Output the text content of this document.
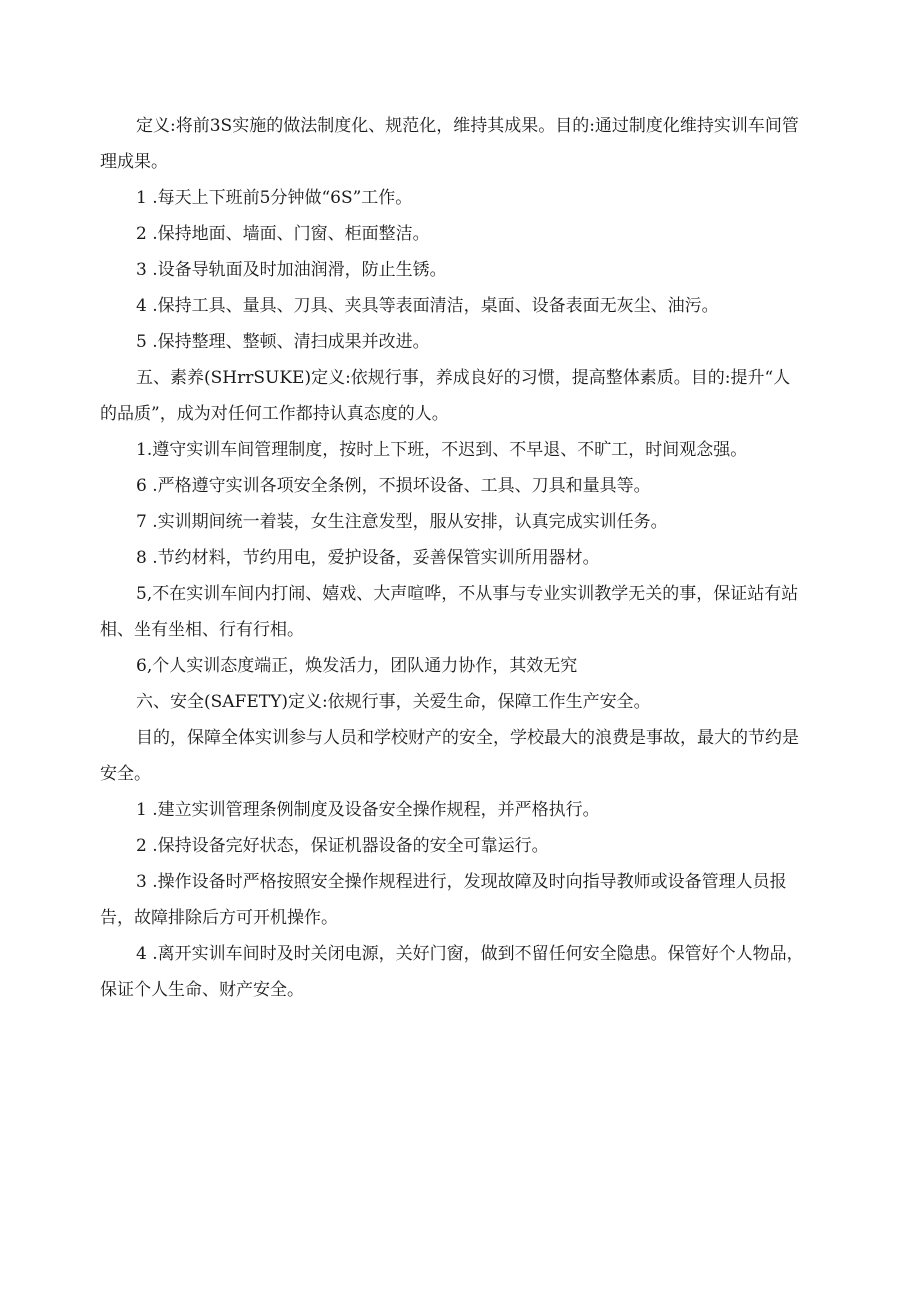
定义:将前3S实施的做法制度化、规范化，维持其成果。目的:通过制度化维持实训车间管理成果。

1 .每天上下班前5分钟做“6S”工作。

2 .保持地面、墙面、门窗、柜面整洁。

3 .设备导轨面及时加油润滑，防止生锈。

4 .保持工具、量具、刀具、夹具等表面清洁，桌面、设备表面无灰尘、油污。

5 .保持整理、整顿、清扫成果并改进。

五、素养(SHrrSUKE)定义:依规行事，养成良好的习惯，提高整体素质。目的:提升“人的品质”，成为对任何工作都持认真态度的人。

1.遵守实训车间管理制度，按时上下班，不迟到、不早退、不旷工，时间观念强。

6 .严格遵守实训各项安全条例，不损坏设备、工具、刀具和量具等。

7 .实训期间统一着装，女生注意发型，服从安排，认真完成实训任务。

8 .节约材料，节约用电，爱护设备，妥善保管实训所用器材。

5,不在实训车间内打闹、嬉戏、大声喧哗，不从事与专业实训教学无关的事，保证站有站相、坐有坐相、行有行相。

6,个人实训态度端正，焕发活力，团队通力协作，其效无究

六、安全(SAFETY)定义:依规行事，关爱生命，保障工作生产安全。

目的，保障全体实训参与人员和学校财产的安全，学校最大的浪费是事故，最大的节约是安全。

1 .建立实训管理条例制度及设备安全操作规程，并严格执行。

2 .保持设备完好状态，保证机器设备的安全可靠运行。

3 .操作设备时严格按照安全操作规程进行，发现故障及时向指导教师或设备管理人员报告，故障排除后方可开机操作。

4 .离开实训车间时及时关闭电源，关好门窗，做到不留任何安全隐患。保管好个人物品，保证个人生命、财产安全。
